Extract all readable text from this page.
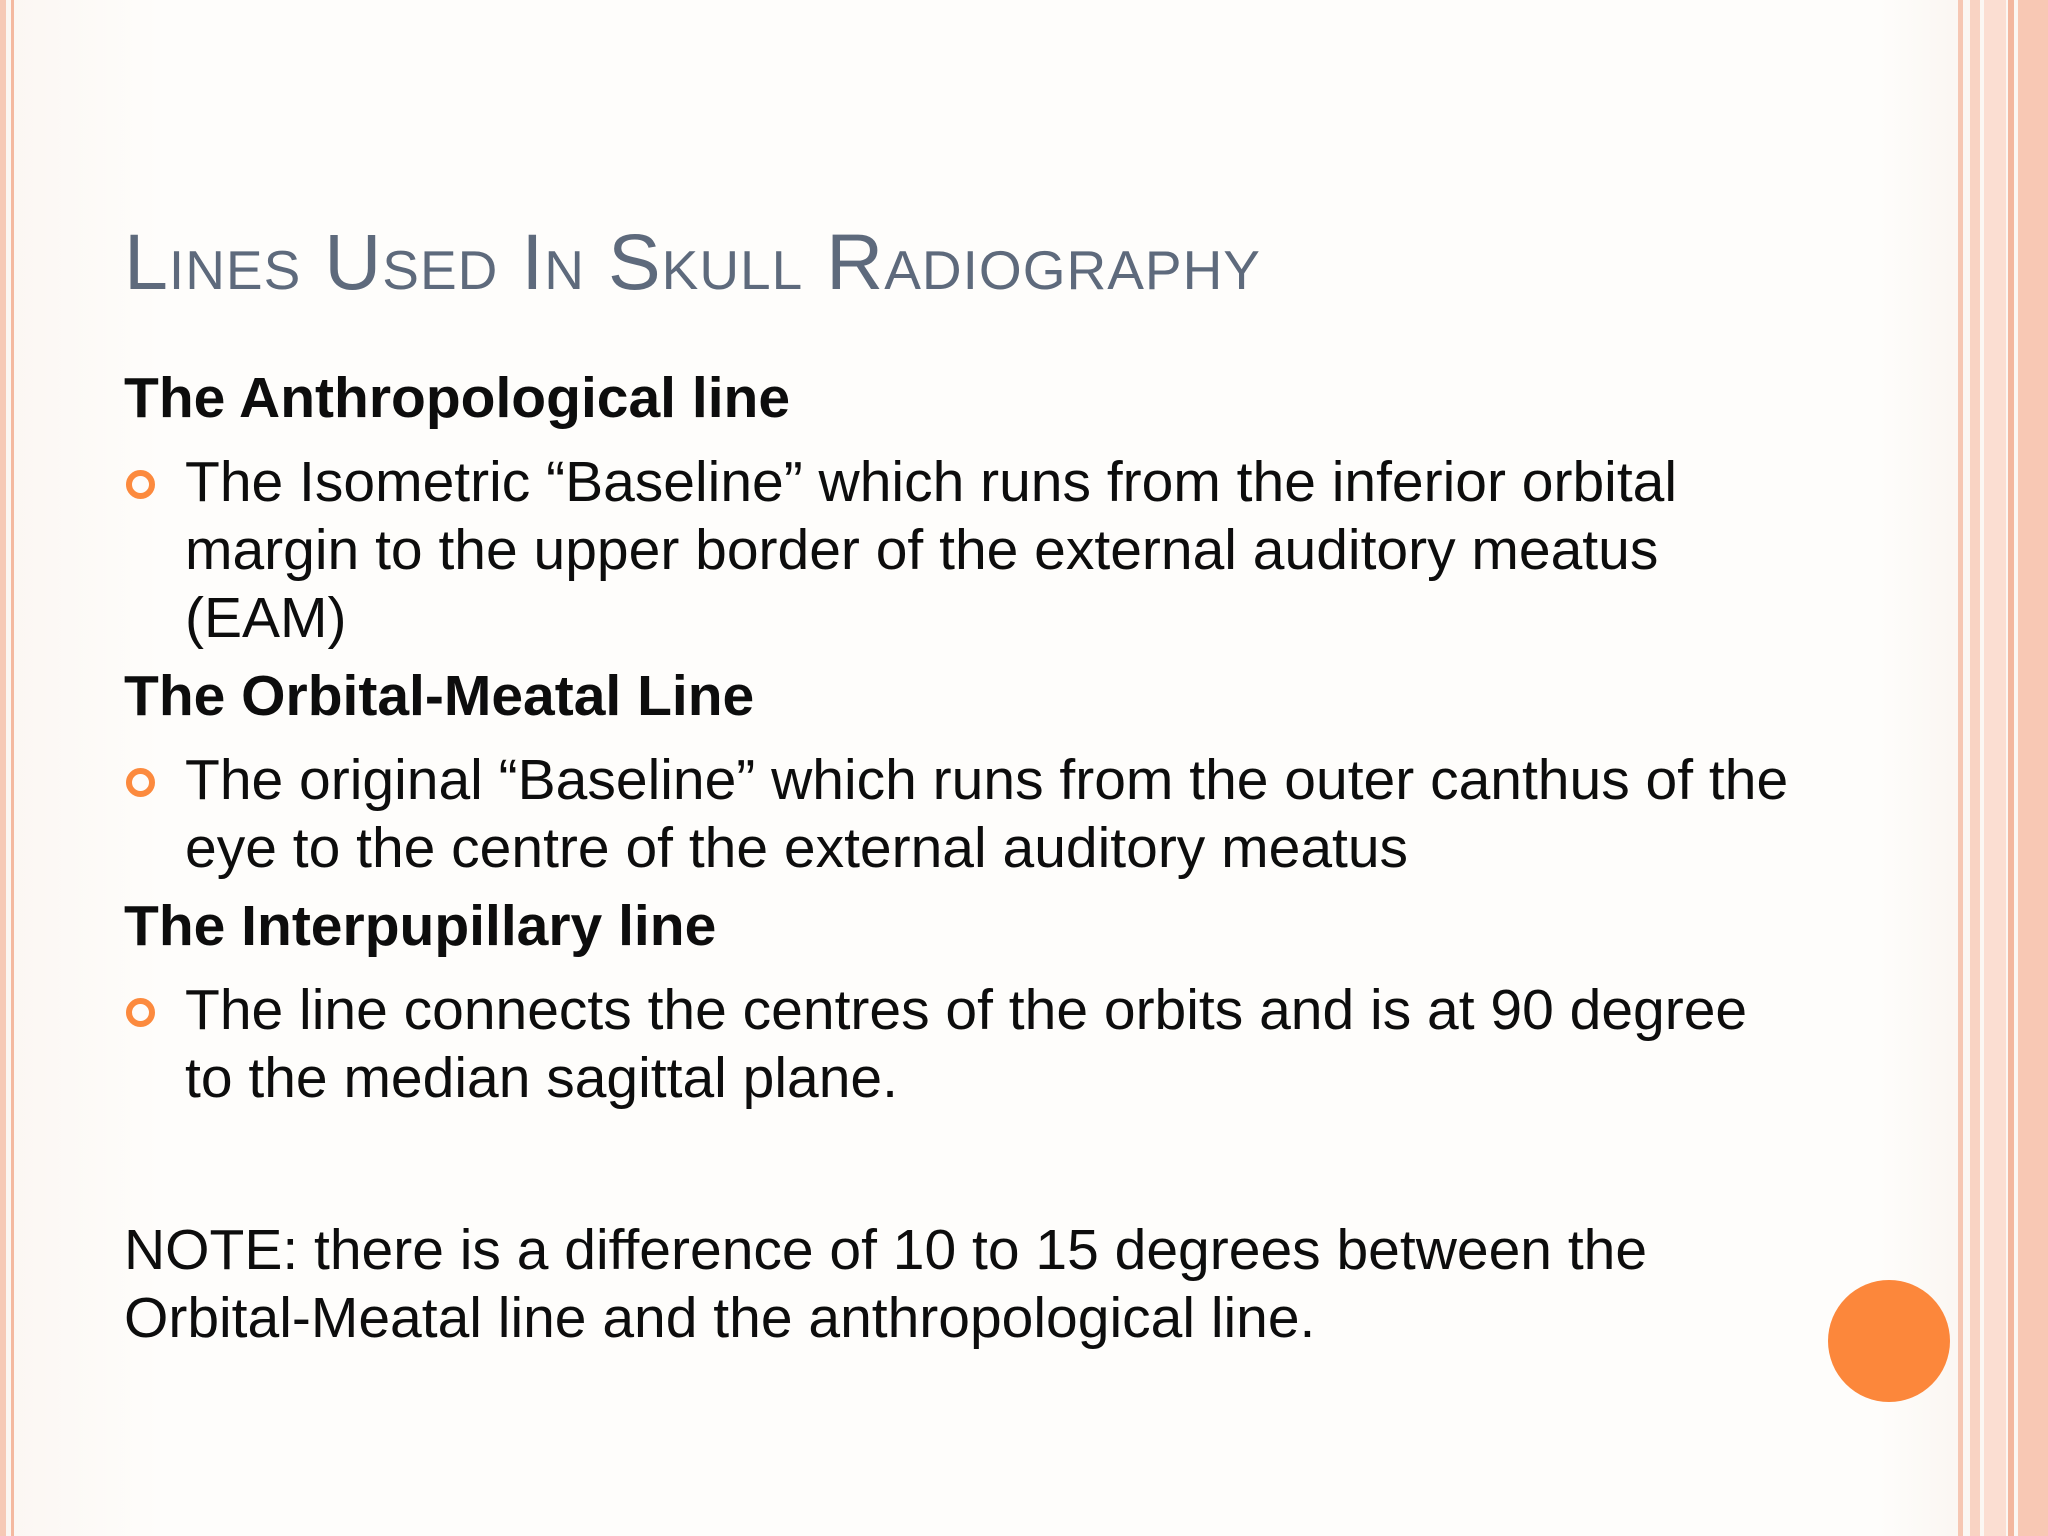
Lines Used In Skull Radiography

The Anthropological line

The Isometric “Baseline” which runs from the inferior orbital margin to the upper border of the external auditory meatus (EAM)

The Orbital-Meatal Line

The original “Baseline” which runs from the outer canthus of the eye to the centre of the external auditory meatus

The Interpupillary line

The line connects the centres of the orbits and is at 90 degree to the median sagittal plane.

NOTE: there is a difference of 10 to 15 degrees between the Orbital-Meatal line and the anthropological line.
